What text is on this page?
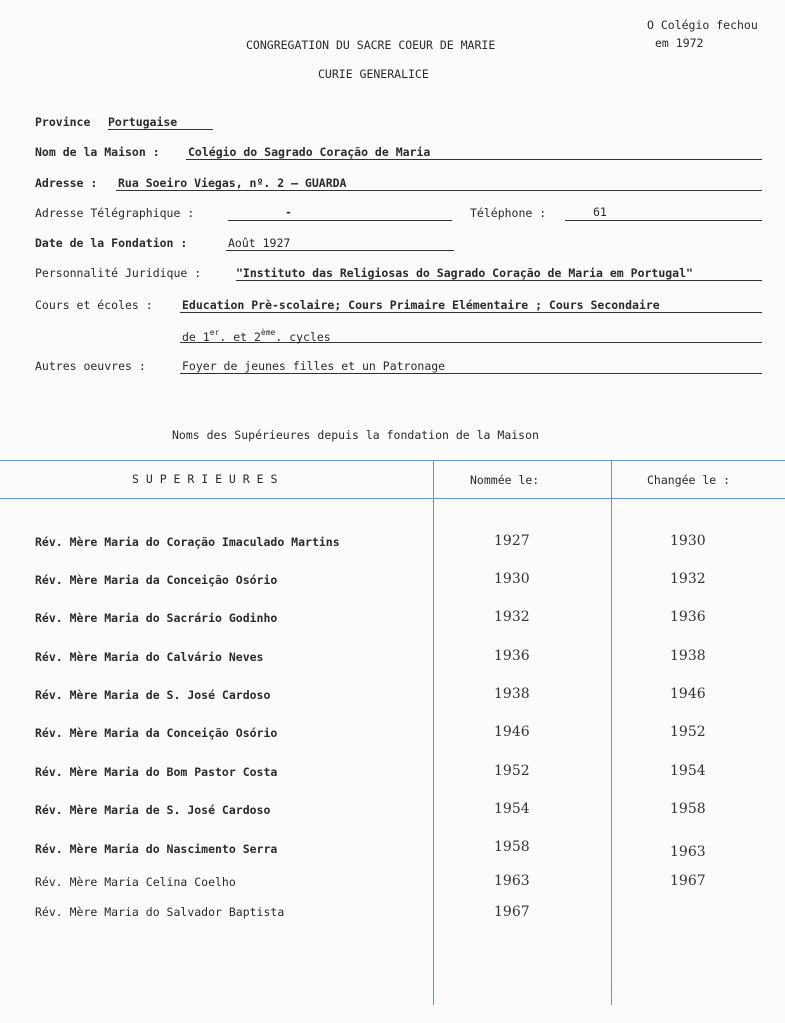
O Colégio fechou
em 1972
CONGREGATION DU SACRE COEUR DE MARIE
CURIE GENERALICE
Province Portugaise
Nom de la Maison : Colégio do Sagrado Coração de Maria
Adresse : Rua Soeiro Viegas, nº. 2 – GUARDA
Adresse Télégraphique :	-	Téléphone :	61
Date de la Fondation :	Août 1927
Personnalité Juridique :	"Instituto das Religiosas do Sagrado Coração de Maria em Portugal"
Cours et écoles :	Education Prè-scolaire; Cours Primaire Elémentaire ; Cours Secondaire
de 1er. et 2ème. cycles
Autres oeuvres :	Foyer de jeunes filles et un Patronage
Noms des Supérieures depuis la fondation de la Maison
S U P E R I E U R E S	Nommée le:	Changée le :
Rév. Mère Maria do Coração Imaculado Martins	1927	1930
Rév. Mère Maria da Conceição Osório	1930	1932
Rév. Mère Maria do Sacrário Godinho	1932	1936
Rév. Mère Maria do Calvário Neves	1936	1938
Rév. Mère Maria de S. José Cardoso	1938	1946
Rév. Mère Maria da Conceição Osório	1946	1952
Rév. Mère Maria do Bom Pastor Costa	1952	1954
Rév. Mère Maria de S. José Cardoso	1954	1958
Rév. Mère Maria do Nascimento Serra	1958	1963
Rév. Mère Maria Celina Coelho	1963	1967
Rév. Mère Maria do Salvador Baptista	1967
